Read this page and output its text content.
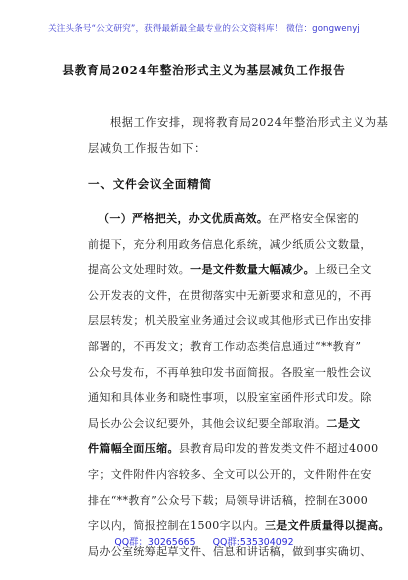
关注头条号“公文研究”，获得最新最全最专业的公文资料库！ 微信：gongwenyj
县教育局2024年整治形式主义为基层减负工作报告
根据工作安排，现将教育局2024年整治形式主义为基
层减负工作报告如下：
一、文件会议全面精简
（一）严格把关，办文优质高效。在严格安全保密的
前提下，充分利用政务信息化系统，减少纸质公文数量，
提高公文处理时效。一是文件数量大幅减少。上级已全文
公开发表的文件，在贯彻落实中无新要求和意见的，不再
层层转发；机关股室业务通过会议或其他形式已作出安排
部署的，不再发文；教育工作动态类信息通过“**教育”
公众号发布，不再单独印发书面简报。各股室一般性会议
通知和具体业务和晓性事项，以股室室函件形式印发。除
局长办公会议纪要外，其他会议纪要全部取消。二是文
件篇幅全面压缩。县教育局印发的普发类文件不超过4000
字；文件附件内容较多、全文可以公开的，文件附件在安
排在“**教育”公众号下载；局领导讲话稿，控制在3000
字以内，简报控制在1500字以内。三是文件质量得以提高。
局办公室统筹起草文件、信息和讲话稿，做到事实确切、
QQ群：30265665 QQ群:535304092
